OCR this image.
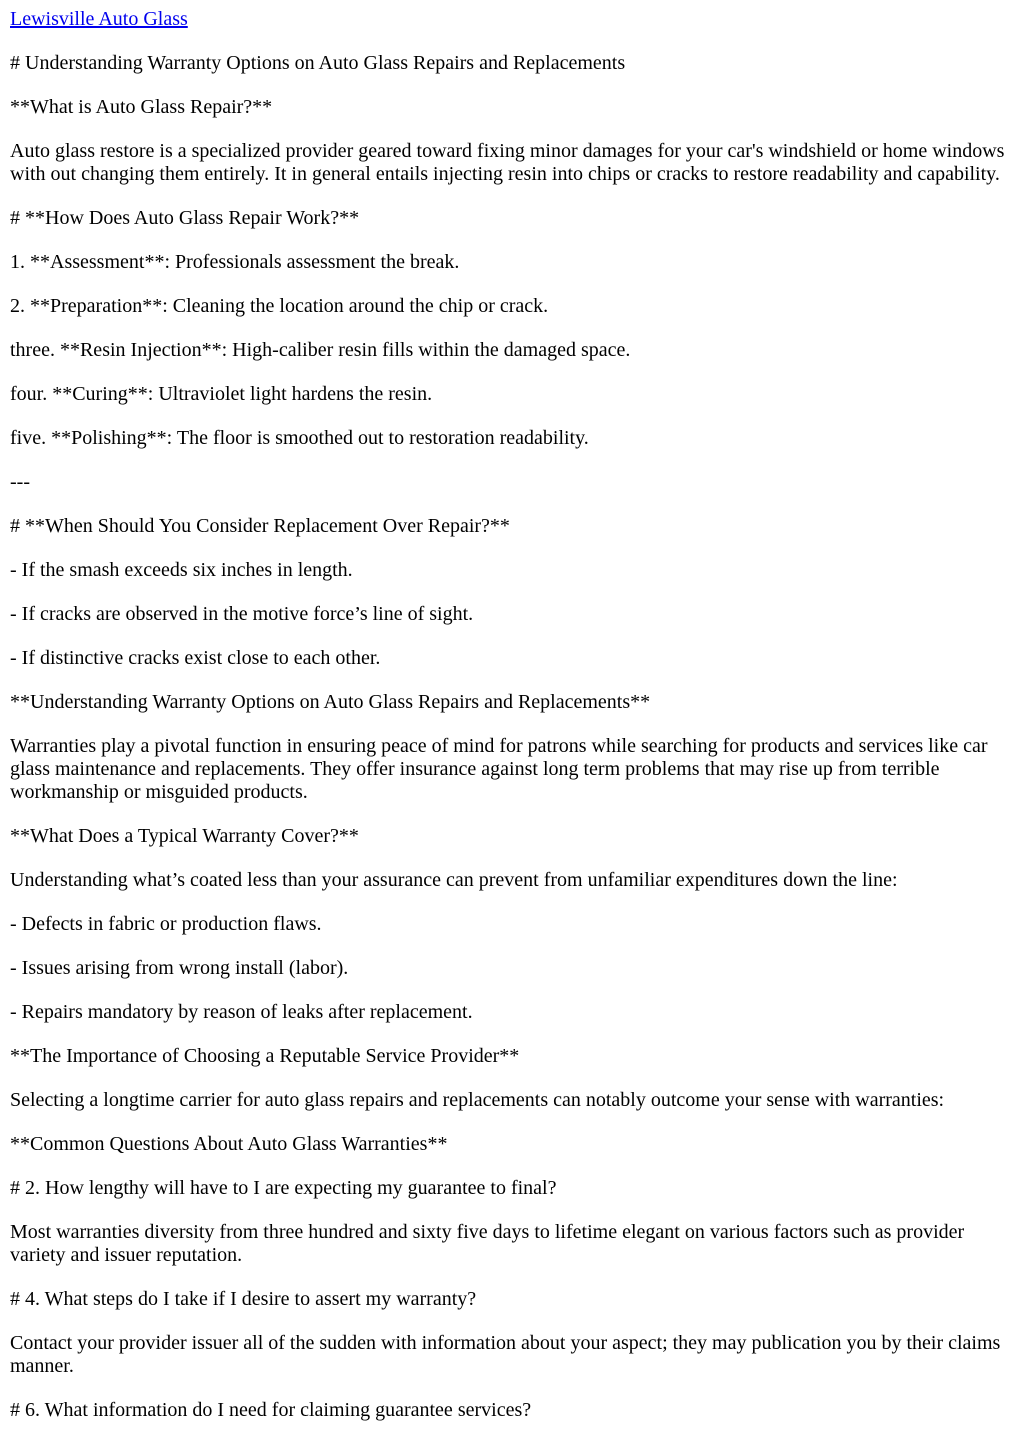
Lewisville Auto Glass

# Understanding Warranty Options on Auto Glass Repairs and Replacements

**What is Auto Glass Repair?**

Auto glass restore is a specialized provider geared toward fixing minor damages for your car's windshield or home windows with out changing them entirely. It in general entails injecting resin into chips or cracks to restore readability and capability.

# **How Does Auto Glass Repair Work?**

1. **Assessment**: Professionals assessment the break.

2. **Preparation**: Cleaning the location around the chip or crack.

three. **Resin Injection**: High-caliber resin fills within the damaged space.

four. **Curing**: Ultraviolet light hardens the resin.

five. **Polishing**: The floor is smoothed out to restoration readability.

---

# **When Should You Consider Replacement Over Repair?**

- If the smash exceeds six inches in length.

- If cracks are observed in the motive force’s line of sight.

- If distinctive cracks exist close to each other.

**Understanding Warranty Options on Auto Glass Repairs and Replacements**

Warranties play a pivotal function in ensuring peace of mind for patrons while searching for products and services like car glass maintenance and replacements. They offer insurance against long term problems that may rise up from terrible workmanship or misguided products.

**What Does a Typical Warranty Cover?**

Understanding what’s coated less than your assurance can prevent from unfamiliar expenditures down the line:

- Defects in fabric or production flaws.

- Issues arising from wrong install (labor).

- Repairs mandatory by reason of leaks after replacement.

**The Importance of Choosing a Reputable Service Provider**

Selecting a longtime carrier for auto glass repairs and replacements can notably outcome your sense with warranties:

**Common Questions About Auto Glass Warranties**

# 2. How lengthy will have to I are expecting my guarantee to final?

Most warranties diversity from three hundred and sixty five days to lifetime elegant on various factors such as provider variety and issuer reputation.

# 4. What steps do I take if I desire to assert my warranty?

Contact your provider issuer all of the sudden with information about your aspect; they may publication you by their claims manner.

# 6. What information do I need for claiming guarantee services?
